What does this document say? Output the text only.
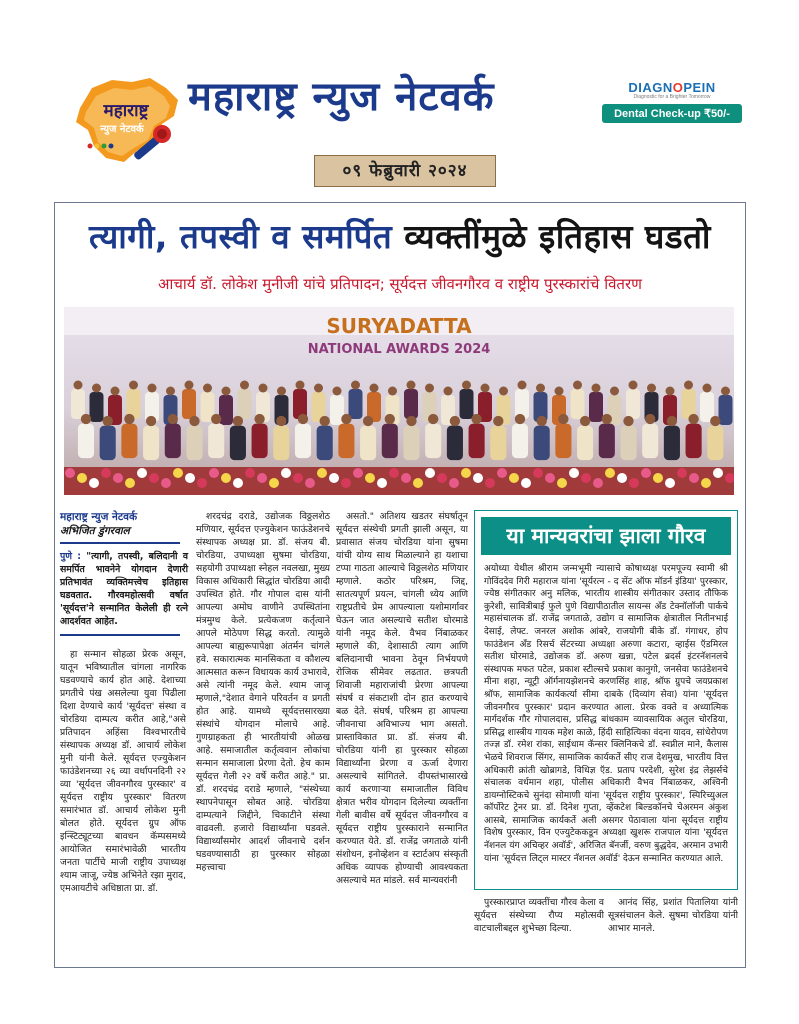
महाराष्ट्र
न्युज नेटवर्क
महाराष्ट्र न्युज नेटवर्क	DIAGNOPEIN
Diagnostic for a Brighter Tomorrow
Dental Check-up ₹50/-
०९ फेब्रुवारी २०२४
त्यागी, तपस्वी व समर्पित व्यक्तींमुळे इतिहास घडतो
आचार्य डॉ. लोकेश मुनीजी यांचे प्रतिपादन; सूर्यदत्त जीवनगौरव व राष्ट्रीय पुरस्कारांचे वितरण
SURYADATTA
NATIONAL AWARDS 2024
महाराष्ट्र न्युज नेटवर्क
अभिजित डुंगरवाल
पुणे : "त्यागी, तपस्वी, बलिदानी व समर्पित भावनेने योगदान देणारी प्रतिभावंत व्यक्तिमत्त्वेच इतिहास घडवतात. गौरवमहोत्सवी वर्षात 'सूर्यदत्त'ने सन्मानित केलेली ही रत्ने आदर्शवत आहेत.

हा सन्मान सोहळा प्रेरक असून, यातून भविष्यातील चांगला नागरिक घडवण्याचे कार्य होत आहे. देशाच्या प्रगतीचे पंख असलेल्या युवा पिढीला दिशा देण्याचे कार्य 'सूर्यदत्त' संस्था व चोरडिया दाम्पत्य करीत आहे,"असे प्रतिपादन अहिंसा विश्वभारतीचे संस्थापक अध्यक्ष डॉ. आचार्य लोकेश मुनी यांनी केले. सूर्यदत्त एज्युकेशन फाउंडेशनच्या २६ व्या वर्धापनदिनी २२ व्या 'सूर्यदत्त जीवनगौरव पुरस्कार' व सूर्यदत्त राष्ट्रीय पुरस्कार' वितरण समारंभात डॉ. आचार्य लोकेश मुनी बोलत होते. सूर्यदत्त ग्रुप ऑफ इन्स्टिट्यूटच्या बावधन कॅम्पसमध्ये आयोजित समारंभावेळी भारतीय जनता पार्टीचे माजी राष्ट्रीय उपाध्यक्ष श्याम जाजू, ज्येष्ठ अभिनेते रझा मुराद, एमआयटीचे अधिष्ठाता प्रा. डॉ.

शरदचंद्र दराडे, उद्योजक विठ्ठलशेठ मणियार, सूर्यदत्त एज्युकेशन फाऊंडेशनचे संस्थापक अध्यक्ष प्रा. डॉ. संजय बी. चोरडिया, उपाध्यक्षा सुषमा चोरडिया, सहयोगी उपाध्यक्षा स्नेहल नवलखा, मुख्य विकास अधिकारी सिद्धांत चोरडिया आदी उपस्थित होते. गौर गोपाल दास यांनी आपल्या अमोघ वाणीने उपस्थितांना मंत्रमुग्ध केले. प्रत्येकजण कर्तृत्वाने आपले मोठेपण सिद्ध करतो. त्यामुळे आपल्या बाह्यरूपापेक्षा अंतर्मन चांगले हवे. सकारात्मक मानसिकता व कौशल्य आत्मसात करून विधायक कार्य उभारावे, असे त्यांनी नमूद केले. श्याम जाजू म्हणाले,"देशात वेगाने परिवर्तन व प्रगती होत आहे. यामध्ये सूर्यदत्तसारख्या संस्थांचे योगदान मोलाचे आहे. गुणग्राहकता ही भारतीयांची ओळख आहे. समाजातील कर्तृत्ववान लोकांचा सन्मान समाजाला प्रेरणा देतो. हेच काम सूर्यदत्त गेली २२ वर्षे करीत आहे." प्रा. डॉ. शरदचंद्र दराडे म्हणाले, "संस्थेच्या स्थापनेपासून सोबत आहे. चोरडिया दाम्पत्याने जिद्दीने, चिकाटीने संस्था वाढवली. हजारो विद्यार्थ्यांना घडवले. विद्यार्थ्यांसमोर आदर्श जीवनाचे दर्शन घडवण्यासाठी हा पुरस्कार सोहळा महत्त्वाचा

असतो." अतिशय खडतर संघर्षातून सूर्यदत्त संस्थेची प्रगती झाली असून, या प्रवासात संजय चोरडिया यांना सुषमा यांची योग्य साथ मिळाल्याने हा यशाचा टप्पा गाठता आल्याचे विठ्ठलशेठ मणियार म्हणाले. कठोर परिश्रम, जिद्द, सातत्यपूर्ण प्रयत्न, चांगली ध्येय आणि राष्ट्रप्रतीचे प्रेम आपल्याला यशोमार्गावर घेऊन जात असल्याचे सतीश घोरमाडे यांनी नमूद केले. वैभव निंबाळकर म्हणाले की, देशासाठी त्याग आणि बलिदानाची भावना ठेवून निर्भयपणे रोजिक सीमेवर लढतात. छत्रपती शिवाजी महाराजांची प्रेरणा आपल्या संघर्ष व संकटाशी दोन हात करण्याचे बळ देते. संघर्ष, परिश्रम हा आपल्या जीवनाचा अविभाज्य भाग असतो. प्रास्ताविकात प्रा. डॉ. संजय बी. चोरडिया यांनी हा पुरस्कार सोहळा विद्यार्थ्यांना प्रेरणा व ऊर्जा देणारा असल्याचे सांगितले. दीपस्तंभासारखे कार्य करणाऱ्या समाजातील विविध क्षेत्रात भरीव योगदान दिलेल्या व्यक्तींना गेली बावीस वर्षे सूर्यदत्त जीवनगौरव व सूर्यदत्त राष्ट्रीय पुरस्काराने सन्मानित करण्यात येते. डॉ. राजेंद्र जगताळे यांनी संशोधन, इनोव्हेशन व स्टार्टअप संस्कृती अधिक व्यापक होण्याची आवश्यकता असल्याचे मत मांडले. सर्व मान्यवरांनी

या मान्यवरांचा झाला गौरव
अयोध्या येथील श्रीराम जन्मभूमी न्यासाचे कोषाध्यक्ष परमपूज्य स्वामी श्री गोविंददेव गिरी महाराज यांना 'सूर्यरत्न - द सेंट ऑफ मॉडर्न इंडिया' पुरस्कार, ज्येष्ठ संगीतकार अनु मलिक, भारतीय शास्त्रीय संगीतकार उस्ताद तौफिक कुरेशी, सावित्रीबाई फुले पुणे विद्यापीठातील सायन्स अँड टेक्नॉलॉजी पार्कचे महासंचालक डॉ. राजेंद्र जगताळे, उद्योग व सामाजिक क्षेत्रातील नितीनभाई देसाई, लेफ्ट. जनरल अशोक आंबरे, राजयोगी बीके डॉ. गंगाधर, होप फाउंडेशन अँड रिसर्च सेंटरच्या अध्यक्षा अरुणा कटारा, व्हाईस ऍडमिरल सतीश घोरमाडे, उद्योजक डॉ. अरुण खन्ना, पटेल ब्रदर्स इंटरनॅशनलचे संस्थापक मफत पटेल, प्रकाश स्टील्सचे प्रकाश कानुगो, जनसेवा फाउंडेशनचे मीना शहा, न्यूट्री ऑर्गनायझेशनचे करणसिंह शाह, श्रॉफ ग्रुपचे जयप्रकाश श्रॉफ, सामाजिक कार्यकर्त्या सीमा दाबके (दिव्यांग सेवा) यांना 'सूर्यदत्त जीवनगौरव पुरस्कार' प्रदान करण्यात आला. प्रेरक वक्ते व अध्यात्मिक मार्गदर्शक गौर गोपालदास, प्रसिद्ध बांधकाम व्यावसायिक अतुल चोरडिया, प्रसिद्ध शास्त्रीय गायक महेश काळे, हिंदी साहित्यिका वंदना यादव, सांधेरोपण तज्ज्ञ डॉ. रमेश रांका, साईधाम कॅन्सर क्लिनिकचे डॉ. स्वप्नील माने, कैलास भेळचे शिवराज सिंगर, सामाजिक कार्यकर्ते सीए राज देशमुख, भारतीय वित्त अधिकारी क्रांती खोब्रागडे, विधिज्ञ ऍड. प्रताप परदेशी, सुरेश इंद्र लेझर्सचे संचालक वर्धमान शहा, पोलीस अधिकारी वैभव निंबाळकर, अश्विनी डायग्नोस्टिकचे सुनंदा सोमाणी यांना 'सूर्यदत्त राष्ट्रीय पुरस्कार', स्पिरिच्युअल कॉर्पोरेट ट्रेनर प्रा. डॉ. दिनेश गुप्ता, व्हेंकटेश बिल्डकॉनचे चेअरमन अंकुश आसबे, सामाजिक कार्यकर्ते अली असगर पेठावाला यांना सूर्यदत्त राष्ट्रीय विशेष पुरस्कार, विन एज्युटेककडून अध्यक्षा खुशरू राजपाल यांना 'सूर्यदत्त नॅशनल यंग अचिव्हर अवॉर्ड', अरिजित बॅनर्जी, वरुण बुद्धदेव, अरमान उभारी यांना 'सूर्यदत्त लिट्ल मास्टर नॅशनल अवॉर्ड' देऊन सन्मानित करण्यात आले.

पुरस्कारप्राप्त व्यक्तींचा गौरव केला व सूर्यदत्त संस्थेच्या रौप्य महोत्सवी वाटचालीबद्दल शुभेच्छा दिल्या.

आनंद सिंह, प्रशांत पितालिया यांनी सूत्रसंचालन केले. सुषमा चोरडिया यांनी आभार मानले.
